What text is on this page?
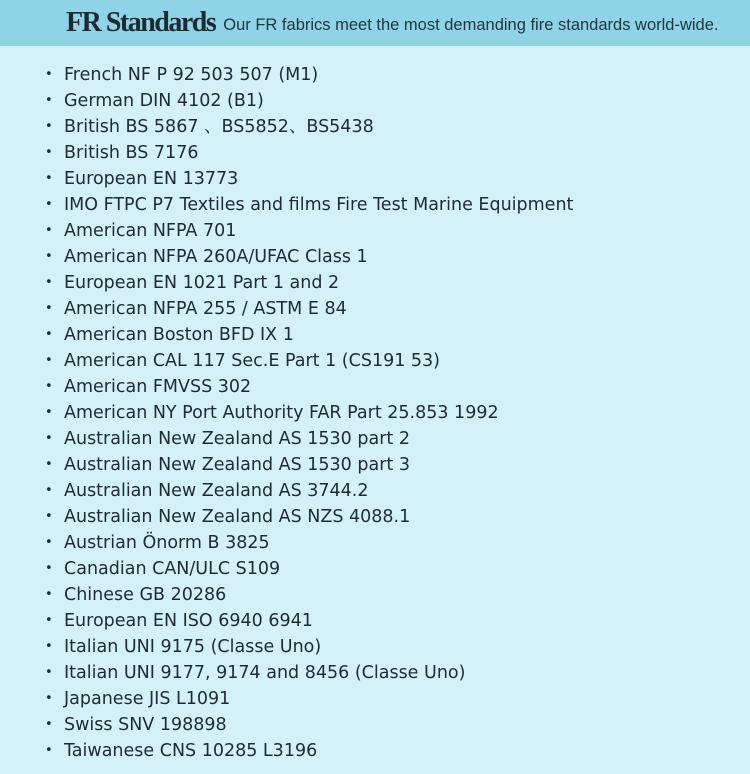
FR Standards Our FR fabrics meet the most demanding fire standards world-wide.
• French NF P 92 503 507 (M1)
• German DIN 4102 (B1)
• British BS 5867 、BS5852、BS5438
• British BS 7176
• European EN 13773
• IMO FTPC P7 Textiles and films Fire Test Marine Equipment
• American NFPA 701
• American NFPA 260A/UFAC Class 1
• European EN 1021 Part 1 and 2
• American NFPA 255 / ASTM E 84
• American Boston BFD IX 1
• American CAL 117 Sec.E Part 1 (CS191 53)
• American FMVSS 302
• American NY Port Authority FAR Part 25.853 1992
• Australian New Zealand AS 1530 part 2
• Australian New Zealand AS 1530 part 3
• Australian New Zealand AS 3744.2
• Australian New Zealand AS NZS 4088.1
• Austrian Önorm B 3825
• Canadian CAN/ULC S109
• Chinese GB 20286
• European EN ISO 6940 6941
• Italian UNI 9175 (Classe Uno)
• Italian UNI 9177, 9174 and 8456 (Classe Uno)
• Japanese JIS L1091
• Swiss SNV 198898
• Taiwanese CNS 10285 L3196
